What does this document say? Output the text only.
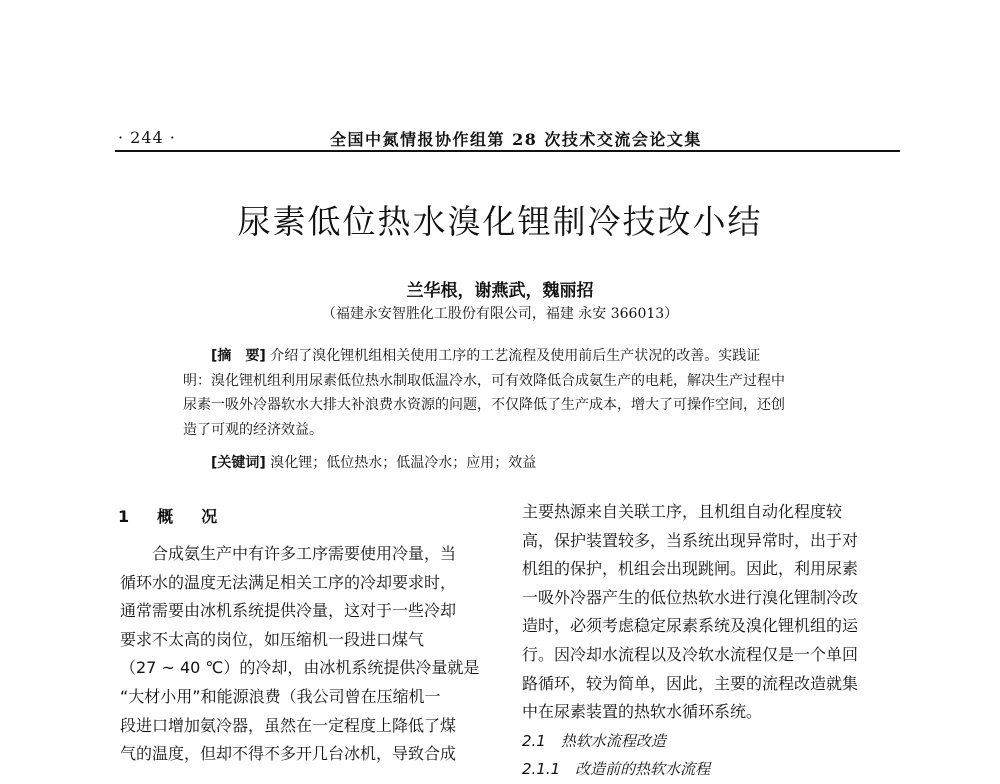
· 244 ·	全国中氮情报协作组第 28 次技术交流会论文集
尿素低位热水溴化锂制冷技改小结
兰华根，谢燕武，魏丽招
（福建永安智胜化工股份有限公司，福建 永安 366013）
[摘　要] 介绍了溴化锂机组相关使用工序的工艺流程及使用前后生产状况的改善。实践证
明：溴化锂机组利用尿素低位热水制取低温冷水，可有效降低合成氨生产的电耗，解决生产过程中
尿素一吸外冷器软水大排大补浪费水资源的问题，不仅降低了生产成本，增大了可操作空间，还创
造了可观的经济效益。
[关键词] 溴化锂；低位热水；低温冷水；应用；效益
1　概　况
合成氨生产中有许多工序需要使用冷量，当
循环水的温度无法满足相关工序的冷却要求时，
通常需要由冰机系统提供冷量，这对于一些冷却
要求不太高的岗位，如压缩机一段进口煤气
（27 ~ 40 ℃）的冷却，由冰机系统提供冷量就是
“大材小用”和能源浪费（我公司曾在压缩机一
段进口增加氨冷器，虽然在一定程度上降低了煤
气的温度，但却不得不多开几台冰机，导致合成
主要热源来自关联工序，且机组自动化程度较
高，保护装置较多，当系统出现异常时，出于对
机组的保护，机组会出现跳闸。因此，利用尿素
一吸外冷器产生的低位热软水进行溴化锂制冷改
造时，必须考虑稳定尿素系统及溴化锂机组的运
行。因冷却水流程以及冷软水流程仅是一个单回
路循环，较为简单，因此，主要的流程改造就集
中在尿素装置的热软水循环系统。
2.1　热软水流程改造
2.1.1　改造前的热软水流程
